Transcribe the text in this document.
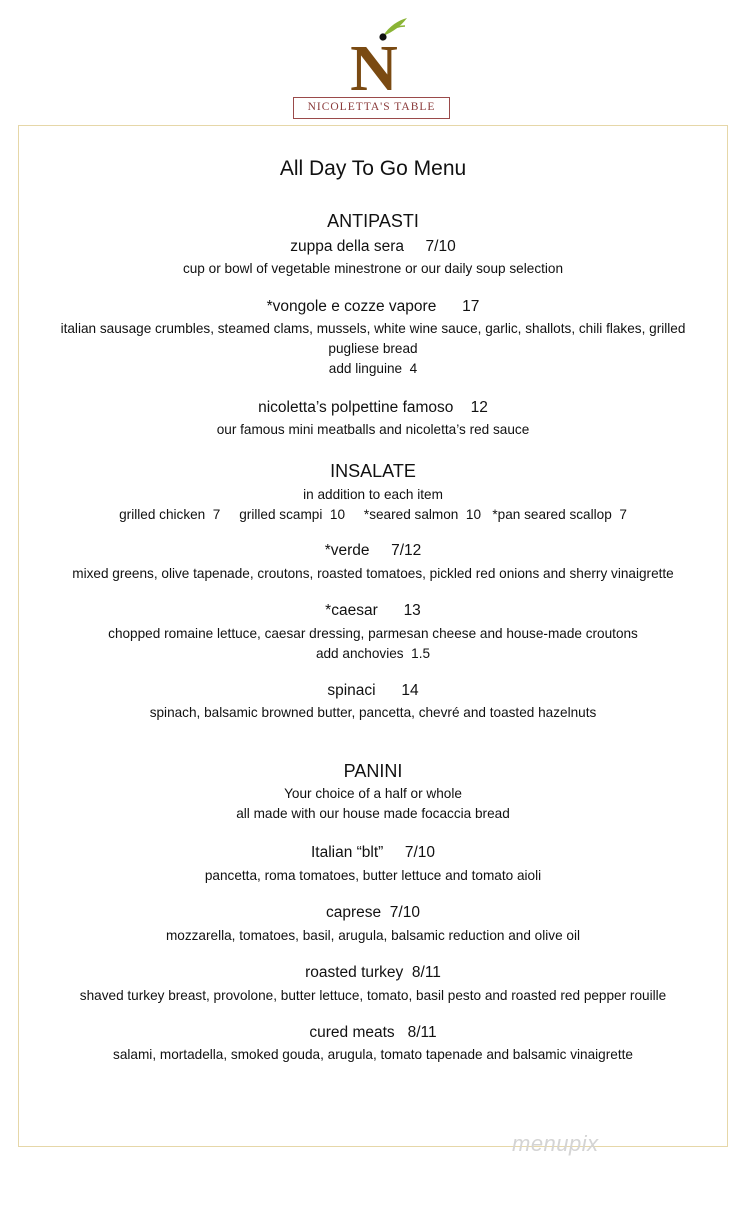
N
NICOLETTA'S TABLE
All Day To Go Menu
ANTIPASTI
zuppa della sera     7/10
cup or bowl of vegetable minestrone or our daily soup selection
*vongole e cozze vapore      17
italian sausage crumbles, steamed clams, mussels, white wine sauce, garlic, shallots, chili flakes, grilled
pugliese bread
add linguine  4
nicoletta’s polpettine famoso    12
our famous mini meatballs and nicoletta’s red sauce
INSALATE
in addition to each item
grilled chicken  7     grilled scampi  10     *seared salmon  10   *pan seared scallop  7
*verde     7/12
mixed greens, olive tapenade, croutons, roasted tomatoes, pickled red onions and sherry vinaigrette
*caesar      13
chopped romaine lettuce, caesar dressing, parmesan cheese and house-made croutons
add anchovies  1.5
spinaci      14
spinach, balsamic browned butter, pancetta, chevré and toasted hazelnuts
PANINI
Your choice of a half or whole
all made with our house made focaccia bread
Italian “blt”     7/10
pancetta, roma tomatoes, butter lettuce and tomato aioli
caprese  7/10
mozzarella, tomatoes, basil, arugula, balsamic reduction and olive oil
roasted turkey  8/11
shaved turkey breast, provolone, butter lettuce, tomato, basil pesto and roasted red pepper rouille
cured meats   8/11
salami, mortadella, smoked gouda, arugula, tomato tapenade and balsamic vinaigrette
menupix
